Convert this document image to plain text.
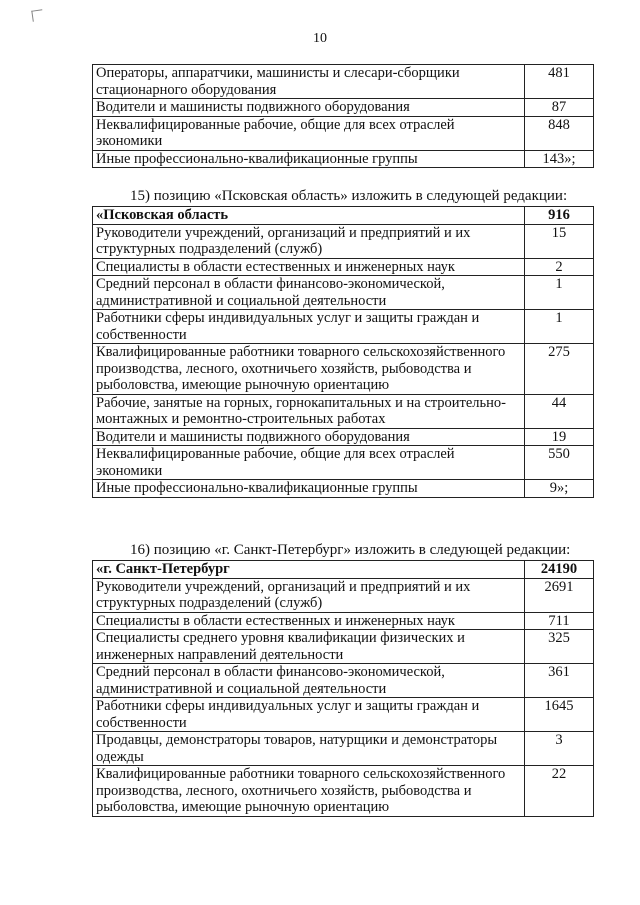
10
Операторы, аппаратчики, машинисты и слесари-сборщики стационарного оборудования	481
Водители и машинисты подвижного оборудования	87
Неквалифицированные рабочие, общие для всех отраслей экономики	848
Иные профессионально-квалификационные группы	143»;
15) позицию «Псковская область» изложить в следующей редакции:
«Псковская область	916
Руководители учреждений, организаций и предприятий и их структурных подразделений (служб)	15
Специалисты в области естественных и инженерных наук	2
Средний персонал в области финансово-экономической, административной и социальной деятельности	1
Работники сферы индивидуальных услуг и защиты граждан и собственности	1
Квалифицированные работники товарного сельскохозяйственного производства, лесного, охотничьего хозяйств, рыбоводства и рыболовства, имеющие рыночную ориентацию	275
Рабочие, занятые на горных, горнокапитальных и на строительно-монтажных и ремонтно-строительных работах	44
Водители и машинисты подвижного оборудования	19
Неквалифицированные рабочие, общие для всех отраслей экономики	550
Иные профессионально-квалификационные группы	9»;
16) позицию «г. Санкт-Петербург» изложить в следующей редакции:
«г. Санкт-Петербург	24190
Руководители учреждений, организаций и предприятий и их структурных подразделений (служб)	2691
Специалисты в области естественных и инженерных наук	711
Специалисты среднего уровня квалификации физических и инженерных направлений деятельности	325
Средний персонал в области финансово-экономической, административной и социальной деятельности	361
Работники сферы индивидуальных услуг и защиты граждан и собственности	1645
Продавцы, демонстраторы товаров, натурщики и демонстраторы одежды	3
Квалифицированные работники товарного сельскохозяйственного производства, лесного, охотничьего хозяйств, рыбоводства и рыболовства, имеющие рыночную ориентацию	22
